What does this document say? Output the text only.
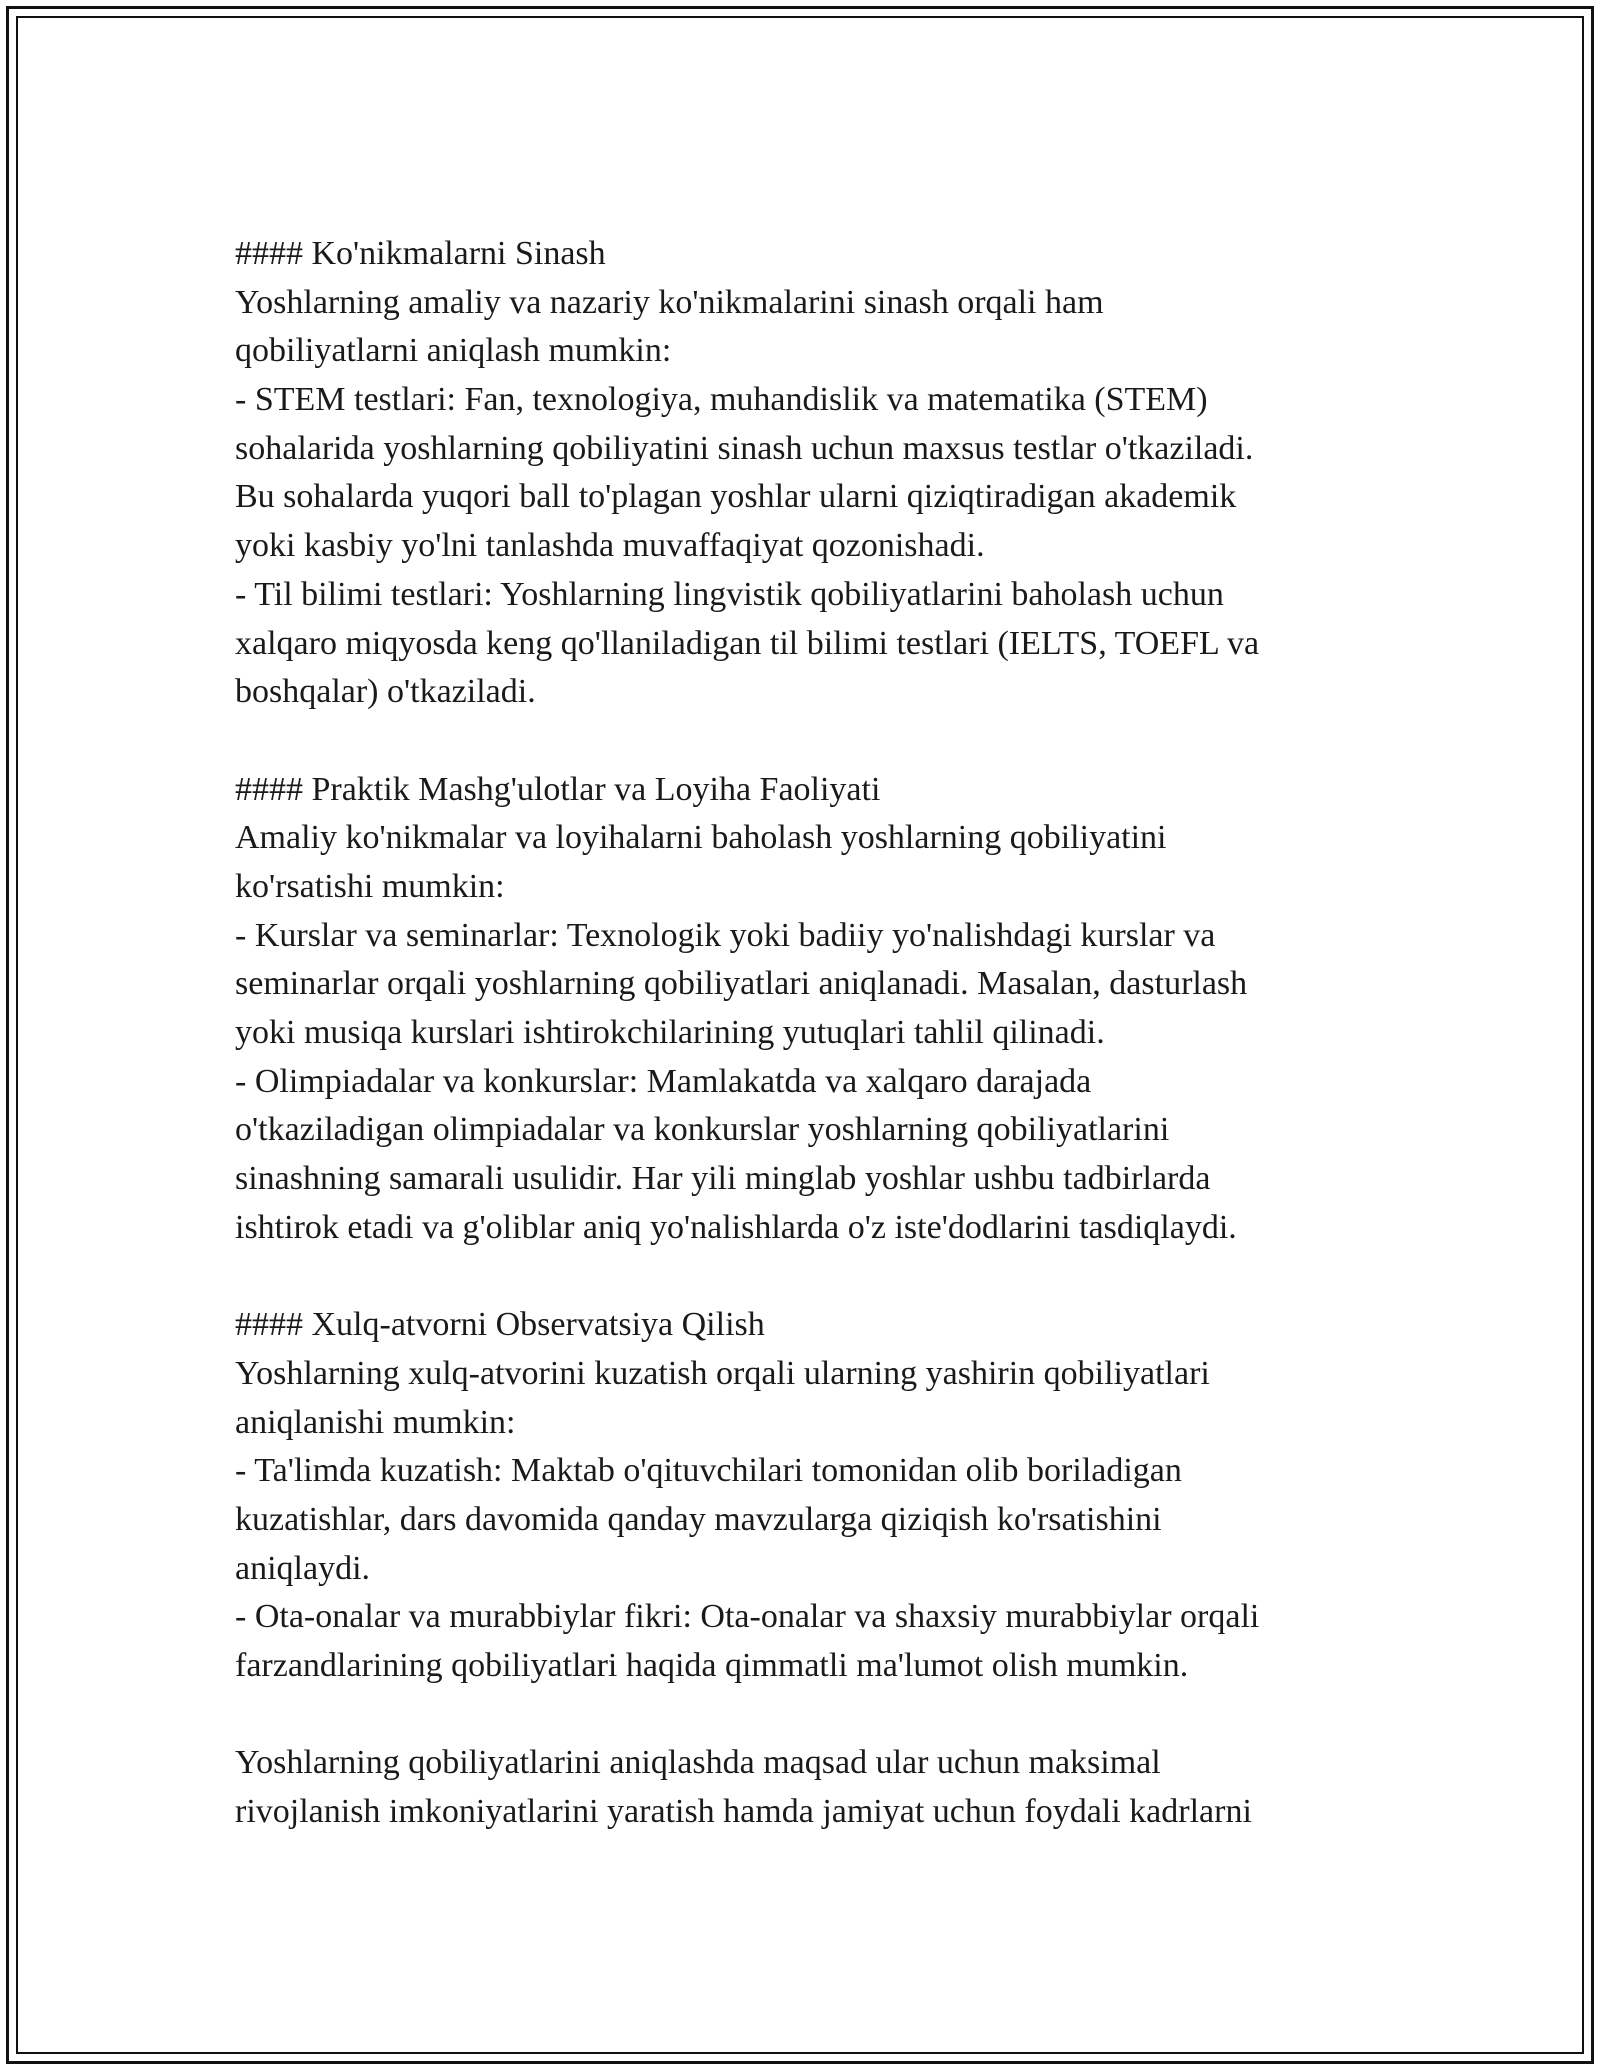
#### Ko'nikmalarni Sinash
Yoshlarning amaliy va nazariy ko'nikmalarini sinash orqali ham
qobiliyatlarni aniqlash mumkin:
- STEM testlari: Fan, texnologiya, muhandislik va matematika (STEM)
sohalarida yoshlarning qobiliyatini sinash uchun maxsus testlar o'tkaziladi.
Bu sohalarda yuqori ball to'plagan yoshlar ularni qiziqtiradigan akademik
yoki kasbiy yo'lni tanlashda muvaffaqiyat qozonishadi.
- Til bilimi testlari: Yoshlarning lingvistik qobiliyatlarini baholash uchun
xalqaro miqyosda keng qo'llaniladigan til bilimi testlari (IELTS, TOEFL va
boshqalar) o'tkaziladi.
#### Praktik Mashg'ulotlar va Loyiha Faoliyati
Amaliy ko'nikmalar va loyihalarni baholash yoshlarning qobiliyatini
ko'rsatishi mumkin:
- Kurslar va seminarlar: Texnologik yoki badiiy yo'nalishdagi kurslar va
seminarlar orqali yoshlarning qobiliyatlari aniqlanadi. Masalan, dasturlash
yoki musiqa kurslari ishtirokchilarining yutuqlari tahlil qilinadi.
- Olimpiadalar va konkurslar: Mamlakatda va xalqaro darajada
o'tkaziladigan olimpiadalar va konkurslar yoshlarning qobiliyatlarini
sinashning samarali usulidir. Har yili minglab yoshlar ushbu tadbirlarda
ishtirok etadi va g'oliblar aniq yo'nalishlarda o'z iste'dodlarini tasdiqlaydi.
#### Xulq-atvorni Observatsiya Qilish
Yoshlarning xulq-atvorini kuzatish orqali ularning yashirin qobiliyatlari
aniqlanishi mumkin:
- Ta'limda kuzatish: Maktab o'qituvchilari tomonidan olib boriladigan
kuzatishlar, dars davomida qanday mavzularga qiziqish ko'rsatishini
aniqlaydi.
- Ota-onalar va murabbiylar fikri: Ota-onalar va shaxsiy murabbiylar orqali
farzandlarining qobiliyatlari haqida qimmatli ma'lumot olish mumkin.
Yoshlarning qobiliyatlarini aniqlashda maqsad ular uchun maksimal
rivojlanish imkoniyatlarini yaratish hamda jamiyat uchun foydali kadrlarni
